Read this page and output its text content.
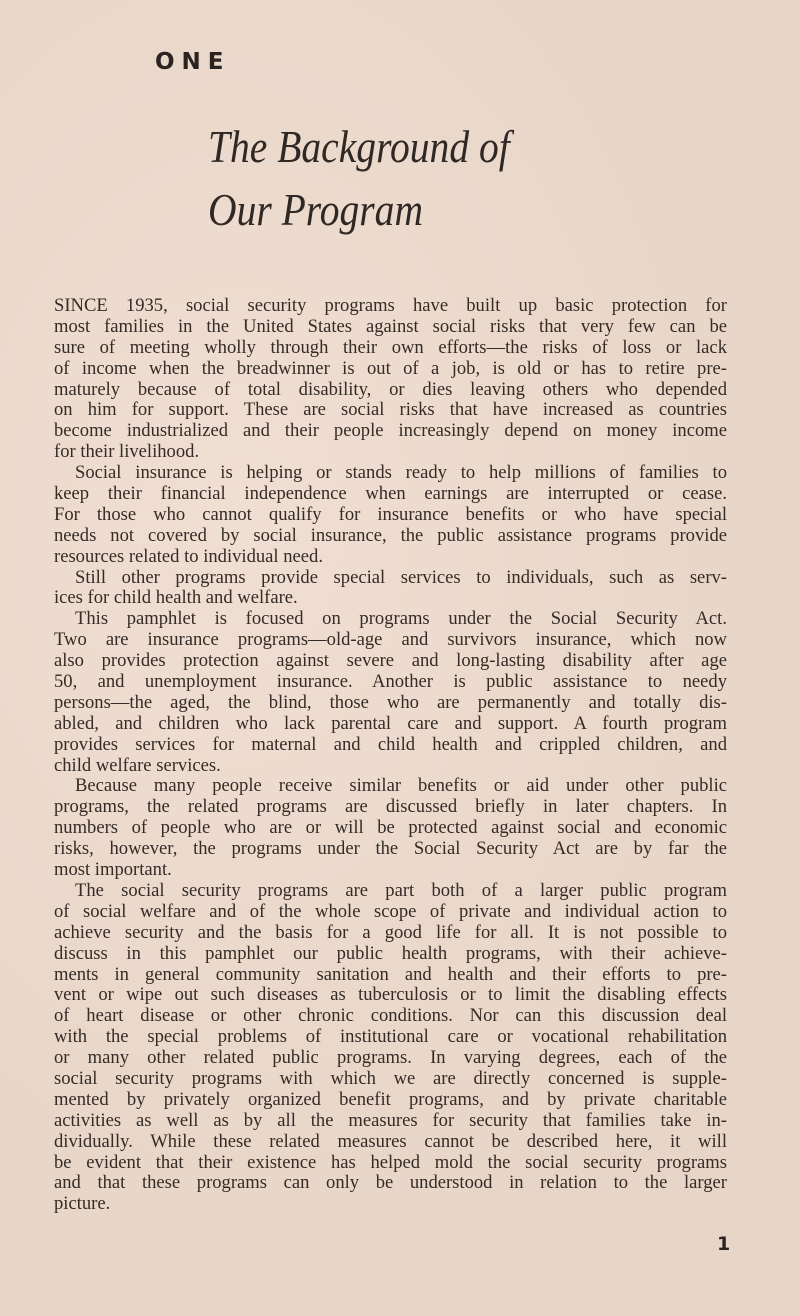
ONE
The Background of
Our Program
SINCE 1935, social security programs have built up basic protection for
most families in the United States against social risks that very few can be
sure of meeting wholly through their own efforts—the risks of loss or lack
of income when the breadwinner is out of a job, is old or has to retire pre-
maturely because of total disability, or dies leaving others who depended
on him for support. These are social risks that have increased as countries
become industrialized and their people increasingly depend on money income
for their livelihood.
Social insurance is helping or stands ready to help millions of families to
keep their financial independence when earnings are interrupted or cease.
For those who cannot qualify for insurance benefits or who have special
needs not covered by social insurance, the public assistance programs provide
resources related to individual need.
Still other programs provide special services to individuals, such as serv-
ices for child health and welfare.
This pamphlet is focused on programs under the Social Security Act.
Two are insurance programs—old-age and survivors insurance, which now
also provides protection against severe and long-lasting disability after age
50, and unemployment insurance. Another is public assistance to needy
persons—the aged, the blind, those who are permanently and totally dis-
abled, and children who lack parental care and support. A fourth program
provides services for maternal and child health and crippled children, and
child welfare services.
Because many people receive similar benefits or aid under other public
programs, the related programs are discussed briefly in later chapters. In
numbers of people who are or will be protected against social and economic
risks, however, the programs under the Social Security Act are by far the
most important.
The social security programs are part both of a larger public program
of social welfare and of the whole scope of private and individual action to
achieve security and the basis for a good life for all. It is not possible to
discuss in this pamphlet our public health programs, with their achieve-
ments in general community sanitation and health and their efforts to pre-
vent or wipe out such diseases as tuberculosis or to limit the disabling effects
of heart disease or other chronic conditions. Nor can this discussion deal
with the special problems of institutional care or vocational rehabilitation
or many other related public programs. In varying degrees, each of the
social security programs with which we are directly concerned is supple-
mented by privately organized benefit programs, and by private charitable
activities as well as by all the measures for security that families take in-
dividually. While these related measures cannot be described here, it will
be evident that their existence has helped mold the social security programs
and that these programs can only be understood in relation to the larger
picture.
1
